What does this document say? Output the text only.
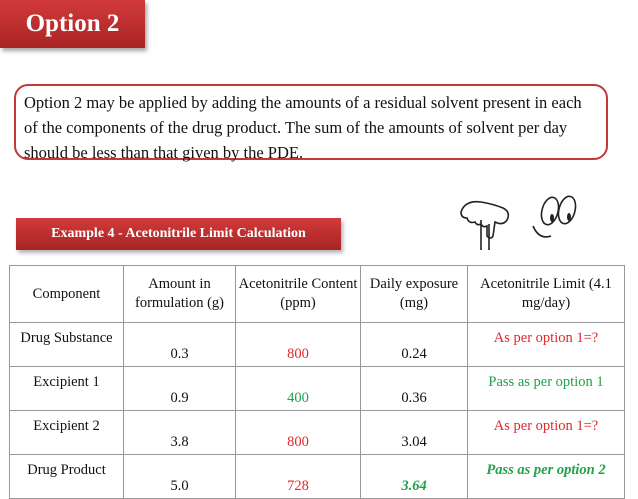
Option 2
Option 2 may be applied by adding the amounts of a residual solvent present in each of the components of the drug product. The sum of the amounts of solvent per day should be less than that given by the PDE.
Example 4 - Acetonitrile Limit Calculation
Component	Amount in formulation (g)	Acetonitrile Content (ppm)	Daily exposure (mg)	Acetonitrile Limit (4.1 mg/day)
Drug Substance	0.3	800	0.24	As per option 1=?
Excipient 1	0.9	400	0.36	Pass as per option 1
Excipient 2	3.8	800	3.04	As per option 1=?
Drug Product	5.0	728	3.64	Pass as per option 2
